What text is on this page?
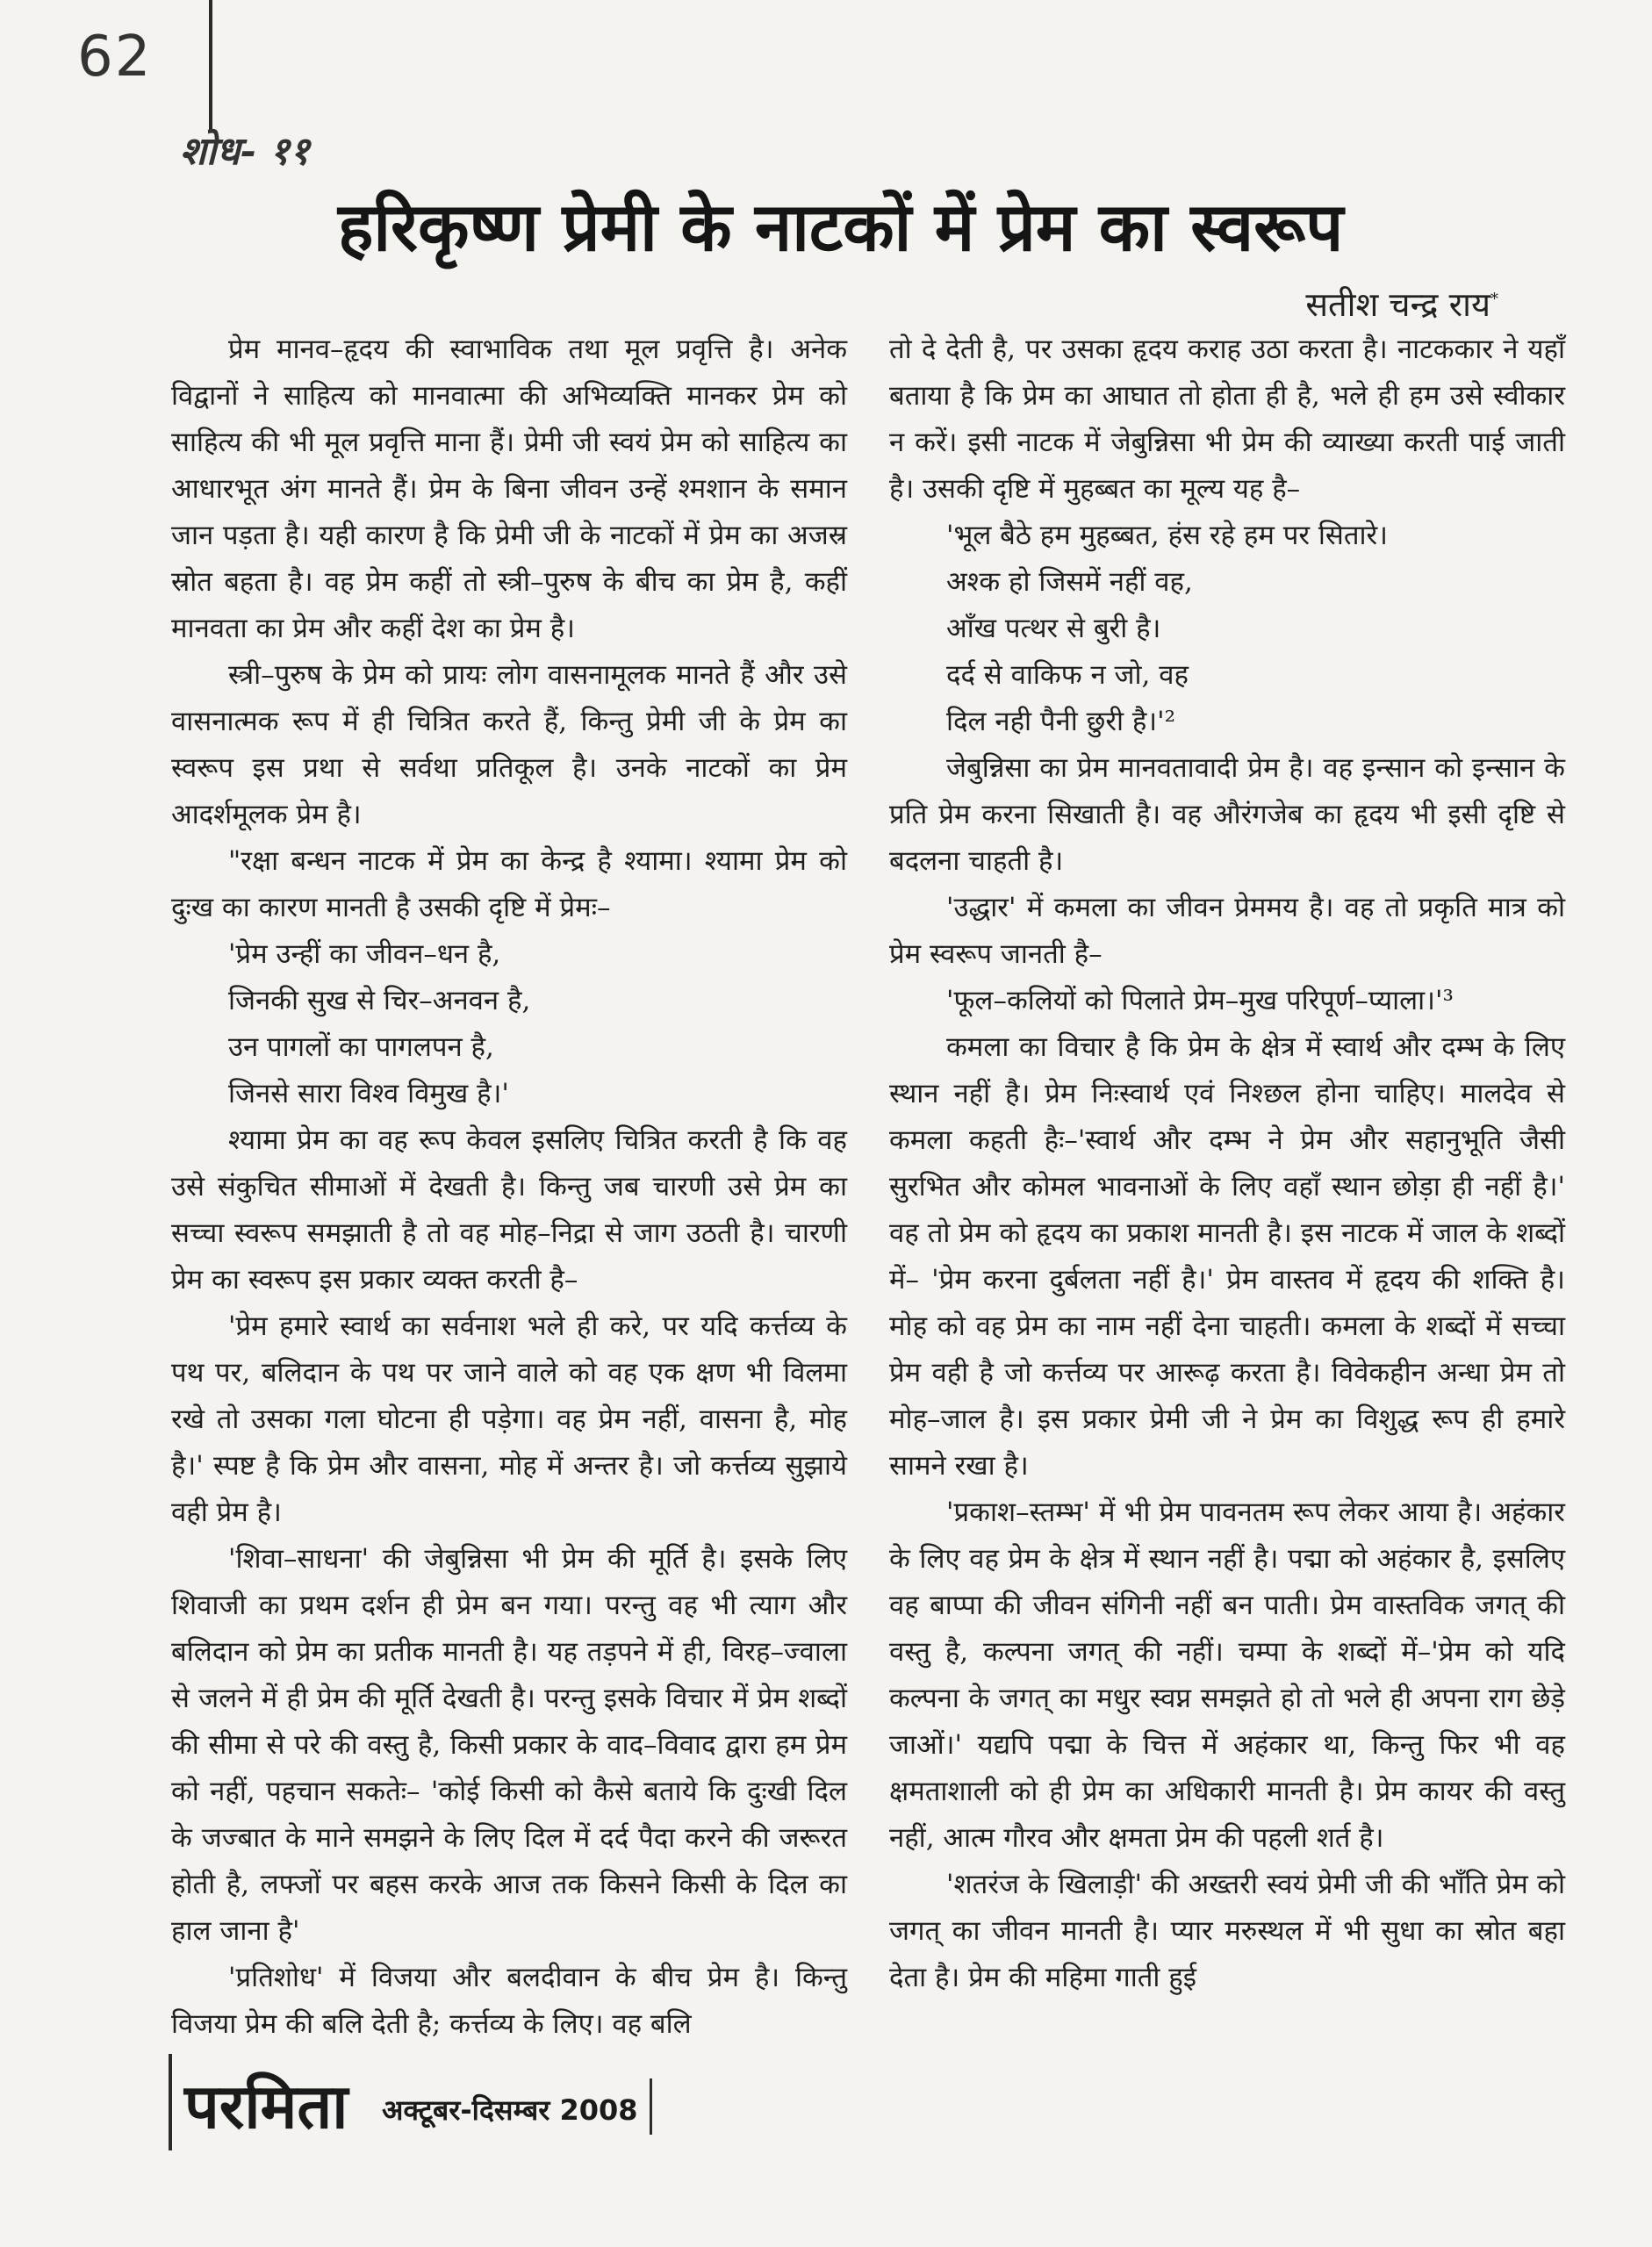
62
शोध- ११
हरिकृष्ण प्रेमी के नाटकों में प्रेम का स्वरूप
सतीश चन्द्र राय*

प्रेम मानव–हृदय की स्वाभाविक तथा मूल प्रवृत्ति है। अनेक विद्वानों ने साहित्य को मानवात्मा की अभिव्यक्ति मानकर प्रेम को साहित्य की भी मूल प्रवृत्ति माना हैं। प्रेमी जी स्वयं प्रेम को साहित्य का आधारभूत अंग मानते हैं। प्रेम के बिना जीवन उन्हें श्मशान के समान जान पड़ता है। यही कारण है कि प्रेमी जी के नाटकों में प्रेम का अजस्र स्रोत बहता है। वह प्रेम कहीं तो स्त्री–पुरुष के बीच का प्रेम है, कहीं मानवता का प्रेम और कहीं देश का प्रेम है।

स्त्री–पुरुष के प्रेम को प्रायः लोग वासनामूलक मानते हैं और उसे वासनात्मक रूप में ही चित्रित करते हैं, किन्तु प्रेमी जी के प्रेम का स्वरूप इस प्रथा से सर्वथा प्रतिकूल है। उनके नाटकों का प्रेम आदर्शमूलक प्रेम है।

"रक्षा बन्धन नाटक में प्रेम का केन्द्र है श्यामा। श्यामा प्रेम को दुःख का कारण मानती है उसकी दृष्टि में प्रेमः–

'प्रेम उन्हीं का जीवन–धन है,
जिनकी सुख से चिर–अनवन है,
उन पागलों का पागलपन है,
जिनसे सारा विश्व विमुख है।'

श्यामा प्रेम का वह रूप केवल इसलिए चित्रित करती है कि वह उसे संकुचित सीमाओं में देखती है। किन्तु जब चारणी उसे प्रेम का सच्चा स्वरूप समझाती है तो वह मोह–निद्रा से जाग उठती है। चारणी प्रेम का स्वरूप इस प्रकार व्यक्त करती है–

'प्रेम हमारे स्वार्थ का सर्वनाश भले ही करे, पर यदि कर्त्तव्य के पथ पर, बलिदान के पथ पर जाने वाले को वह एक क्षण भी विलमा रखे तो उसका गला घोटना ही पड़ेगा। वह प्रेम नहीं, वासना है, मोह है।' स्पष्ट है कि प्रेम और वासना, मोह में अन्तर है। जो कर्त्तव्य सुझाये वही प्रेम है।

'शिवा–साधना' की जेबुन्निसा भी प्रेम की मूर्ति है। इसके लिए शिवाजी का प्रथम दर्शन ही प्रेम बन गया। परन्तु वह भी त्याग और बलिदान को प्रेम का प्रतीक मानती है। यह तड़पने में ही, विरह–ज्वाला से जलने में ही प्रेम की मूर्ति देखती है। परन्तु इसके विचार में प्रेम शब्दों की सीमा से परे की वस्तु है, किसी प्रकार के वाद–विवाद द्वारा हम प्रेम को नहीं, पहचान सकतेः– 'कोई किसी को कैसे बताये कि दुःखी दिल के जज्बात के माने समझने के लिए दिल में दर्द पैदा करने की जरूरत होती है, लफ्जों पर बहस करके आज तक किसने किसी के दिल का हाल जाना है'

'प्रतिशोध' में विजया और बलदीवान के बीच प्रेम है। किन्तु विजया प्रेम की बलि देती है; कर्त्तव्य के लिए। वह बलि

तो दे देती है, पर उसका हृदय कराह उठा करता है। नाटककार ने यहाँ बताया है कि प्रेम का आघात तो होता ही है, भले ही हम उसे स्वीकार न करें। इसी नाटक में जेबुन्निसा भी प्रेम की व्याख्या करती पाई जाती है। उसकी दृष्टि में मुहब्बत का मूल्य यह है–

'भूल बैठे हम मुहब्बत, हंस रहे हम पर सितारे।
अश्क हो जिसमें नहीं वह,
आँख पत्थर से बुरी है।
दर्द से वाकिफ न जो, वह
दिल नही पैनी छुरी है।'²

जेबुन्निसा का प्रेम मानवतावादी प्रेम है। वह इन्सान को इन्सान के प्रति प्रेम करना सिखाती है। वह औरंगजेब का हृदय भी इसी दृष्टि से बदलना चाहती है।

'उद्धार' में कमला का जीवन प्रेममय है। वह तो प्रकृति मात्र को प्रेम स्वरूप जानती है–

'फूल–कलियों को पिलाते प्रेम–मुख परिपूर्ण–प्याला।'³

कमला का विचार है कि प्रेम के क्षेत्र में स्वार्थ और दम्भ के लिए स्थान नहीं है। प्रेम निःस्वार्थ एवं निश्छल होना चाहिए। मालदेव से कमला कहती हैः–'स्वार्थ और दम्भ ने प्रेम और सहानुभूति जैसी सुरभित और कोमल भावनाओं के लिए वहाँ स्थान छोड़ा ही नहीं है।' वह तो प्रेम को हृदय का प्रकाश मानती है। इस नाटक में जाल के शब्दों में– 'प्रेम करना दुर्बलता नहीं है।' प्रेम वास्तव में हृदय की शक्ति है। मोह को वह प्रेम का नाम नहीं देना चाहती। कमला के शब्दों में सच्चा प्रेम वही है जो कर्त्तव्य पर आरूढ़ करता है। विवेकहीन अन्धा प्रेम तो मोह–जाल है। इस प्रकार प्रेमी जी ने प्रेम का विशुद्ध रूप ही हमारे सामने रखा है।

'प्रकाश–स्तम्भ' में भी प्रेम पावनतम रूप लेकर आया है। अहंकार के लिए वह प्रेम के क्षेत्र में स्थान नहीं है। पद्मा को अहंकार है, इसलिए वह बाप्पा की जीवन संगिनी नहीं बन पाती। प्रेम वास्तविक जगत् की वस्तु है, कल्पना जगत् की नहीं। चम्पा के शब्दों में–'प्रेम को यदि कल्पना के जगत् का मधुर स्वप्न समझते हो तो भले ही अपना राग छेड़े जाओं।' यद्यपि पद्मा के चित्त में अहंकार था, किन्तु फिर भी वह क्षमताशाली को ही प्रेम का अधिकारी मानती है। प्रेम कायर की वस्तु नहीं, आत्म गौरव और क्षमता प्रेम की पहली शर्त है।

'शतरंज के खिलाड़ी' की अख्तरी स्वयं प्रेमी जी की भाँति प्रेम को जगत् का जीवन मानती है। प्यार मरुस्थल में भी सुधा का स्रोत बहा देता है। प्रेम की महिमा गाती हुई

परमिता अक्टूबर-दिसम्बर 2008
